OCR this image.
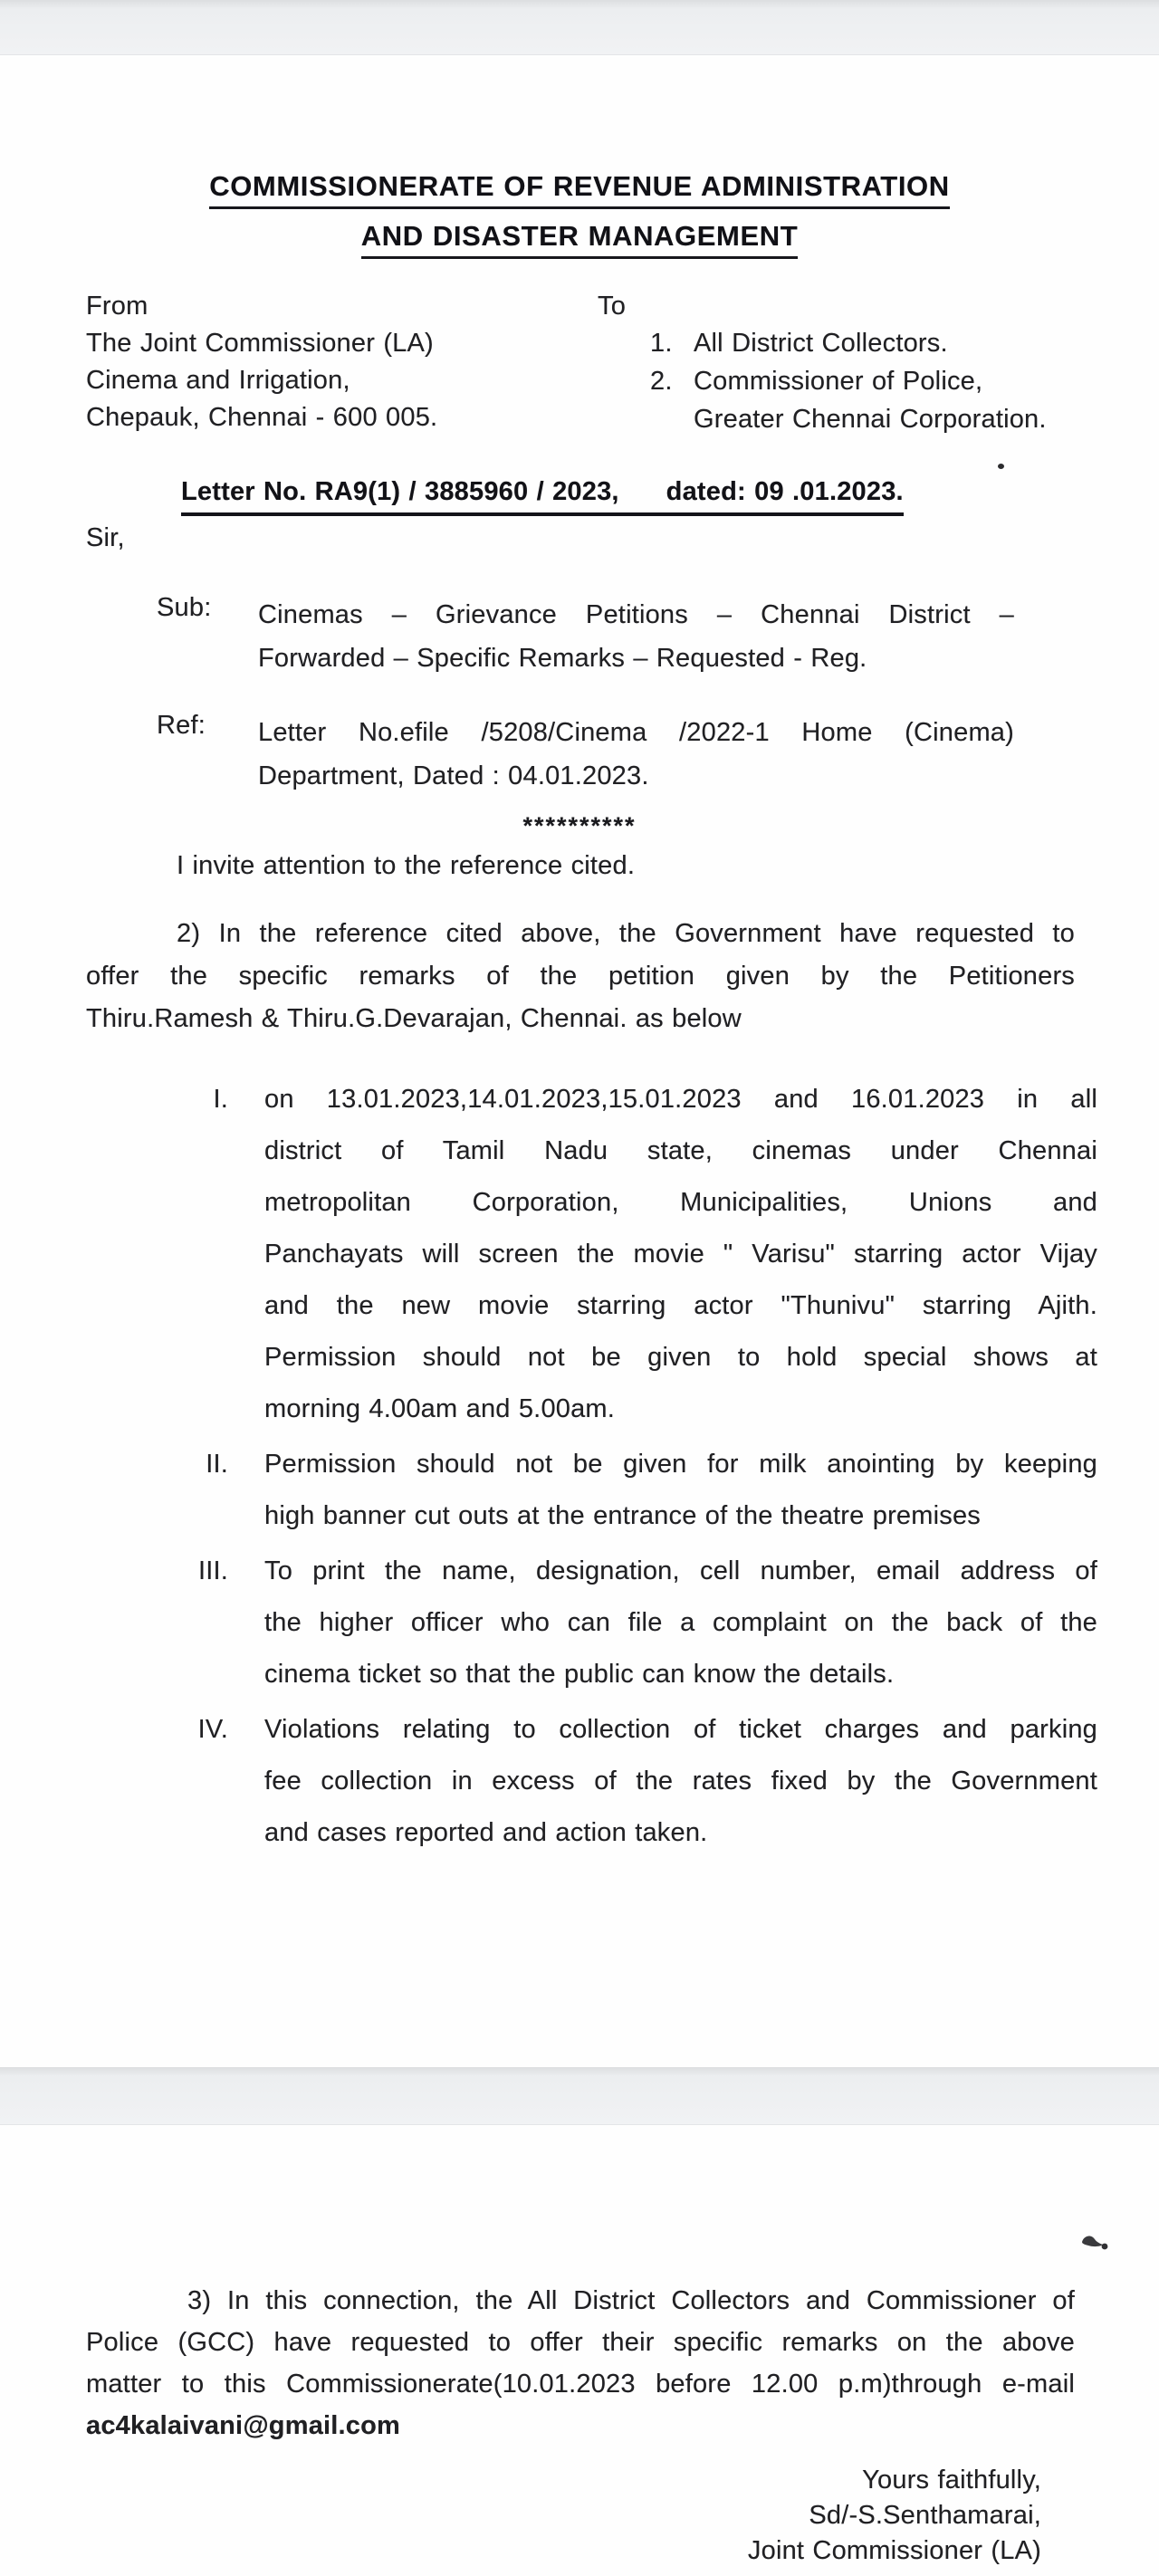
COMMISSIONERATE OF REVENUE ADMINISTRATION
AND DISASTER MANAGEMENT
From
The Joint Commissioner (LA)
Cinema and Irrigation,
Chepauk, Chennai - 600 005.
To
1. All District Collectors.
2. Commissioner of Police,
Greater Chennai Corporation.
Letter No. RA9(1) / 3885960 / 2023, dated: 09 .01.2023.
Sir,
Sub: Cinemas – Grievance Petitions – Chennai District –
Forwarded – Specific Remarks – Requested - Reg.
Ref: Letter No.efile /5208/Cinema /2022-1 Home (Cinema)
Department, Dated : 04.01.2023.
**********
I invite attention to the reference cited.
2) In the reference cited above, the Government have requested to
offer the specific remarks of the petition given by the Petitioners
Thiru.Ramesh & Thiru.G.Devarajan, Chennai. as below
I. on 13.01.2023,14.01.2023,15.01.2023 and 16.01.2023 in all
district of Tamil Nadu state, cinemas under Chennai
metropolitan Corporation, Municipalities, Unions and
Panchayats will screen the movie " Varisu" starring actor Vijay
and the new movie starring actor "Thunivu" starring Ajith.
Permission should not be given to hold special shows at
morning 4.00am and 5.00am.
II. Permission should not be given for milk anointing by keeping
high banner cut outs at the entrance of the theatre premises
III. To print the name, designation, cell number, email address of
the higher officer who can file a complaint on the back of the
cinema ticket so that the public can know the details.
IV. Violations relating to collection of ticket charges and parking
fee collection in excess of the rates fixed by the Government
and cases reported and action taken.
3) In this connection, the All District Collectors and Commissioner of
Police (GCC) have requested to offer their specific remarks on the above
matter to this Commissionerate(10.01.2023 before 12.00 p.m)through e-mail
ac4kalaivani@gmail.com
Yours faithfully,
Sd/-S.Senthamarai,
Joint Commissioner (LA)
